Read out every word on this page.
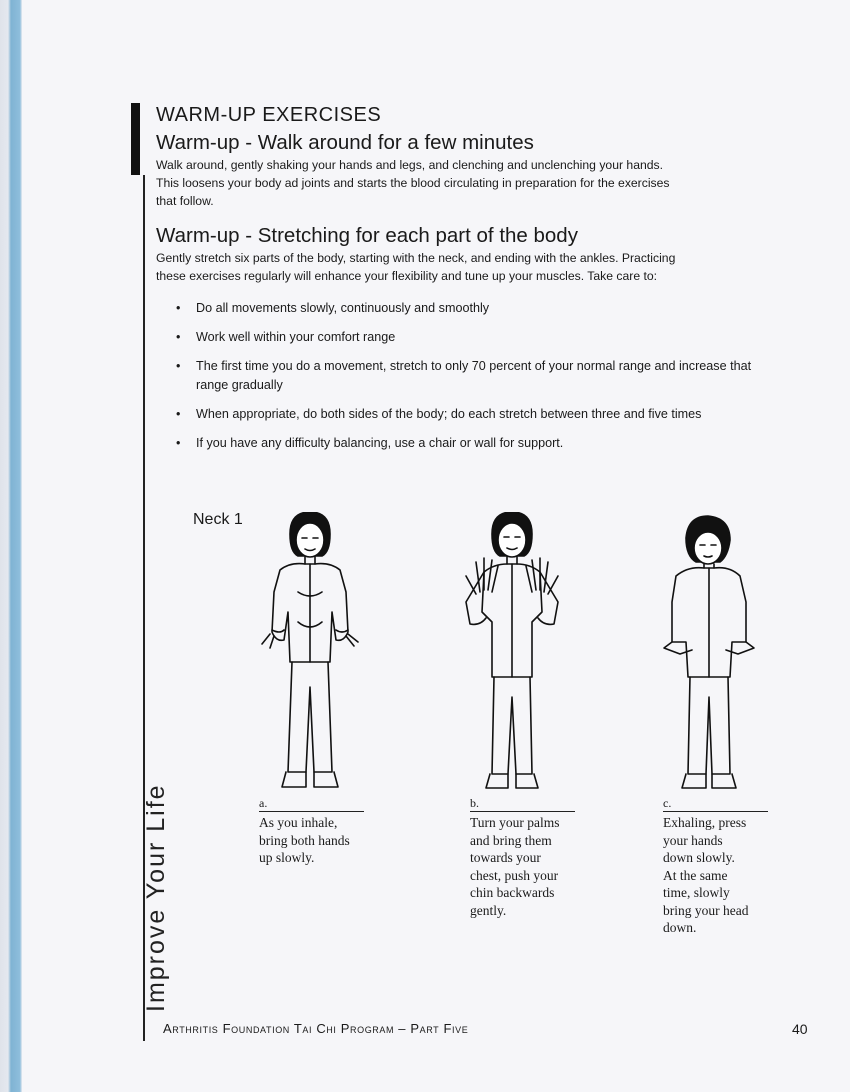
Improve Your Life
WARM-UP EXERCISES
Warm-up - Walk around for a few minutes

Walk around, gently shaking your hands and legs, and clenching and unclenching your hands.
This loosens your body ad joints and starts the blood circulating in preparation for the exercises
that follow.

Warm-up - Stretching for each part of the body

Gently stretch six parts of the body, starting with the neck, and ending with the ankles. Practicing
these exercises regularly will enhance your flexibility and tune up your muscles. Take care to:

• Do all movements slowly, continuously and smoothly
• Work well within your comfort range
• The first time you do a movement, stretch to only 70 percent of your normal range and increase that range gradually
• When appropriate, do both sides of the body; do each stretch between three and five times
• If you have any difficulty balancing, use a chair or wall for support.

Neck 1

a.
As you inhale,
bring both hands
up slowly.
b.
Turn your palms
and bring them
towards your
chest, push your
chin backwards
gently.
c.
Exhaling, press
your hands
down slowly.
At the same
time, slowly
bring your head
down.
Arthritis Foundation Tai Chi Program – Part Five	40
